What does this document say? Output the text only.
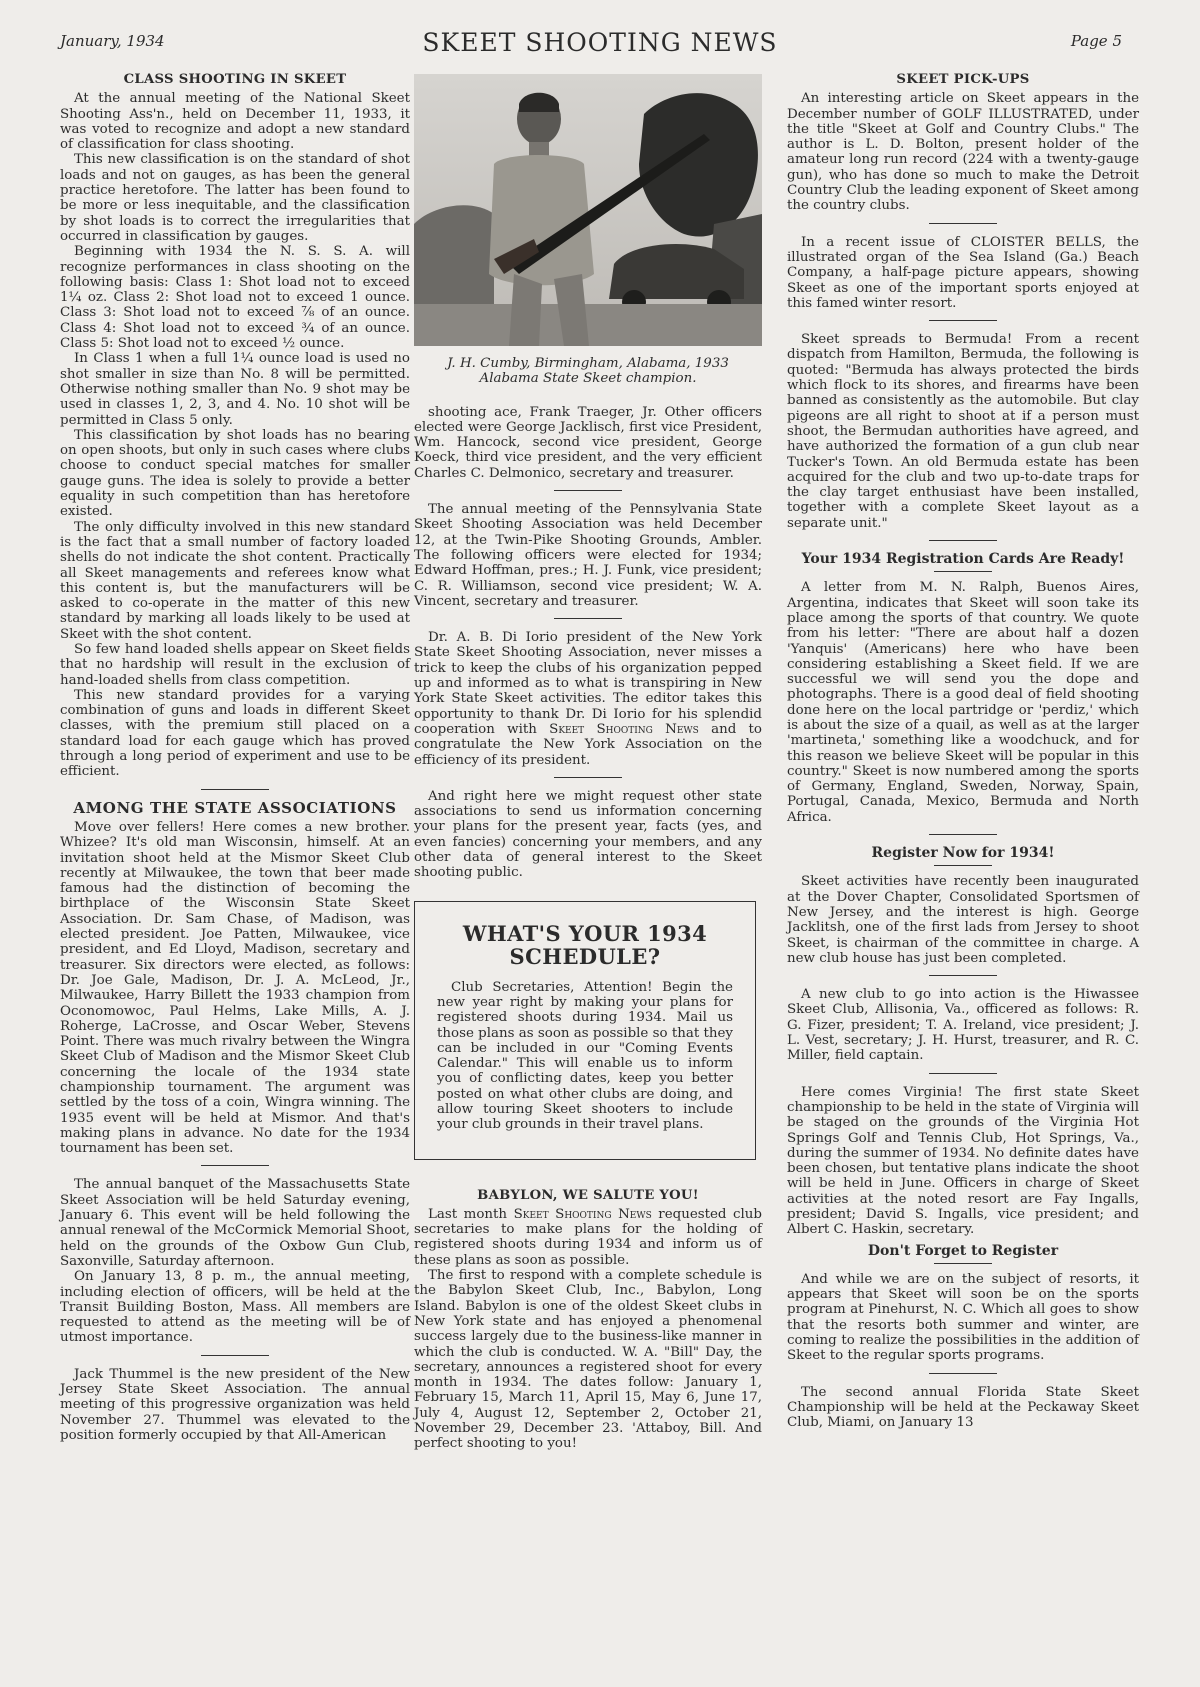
January, 1934	SKEET SHOOTING NEWS	Page 5
CLASS SHOOTING IN SKEET

At the annual meeting of the National Skeet Shooting Ass'n., held on December 11, 1933, it was voted to recognize and adopt a new standard of classification for class shooting.

This new classification is on the standard of shot loads and not on gauges, as has been the general practice heretofore. The latter has been found to be more or less inequitable, and the classification by shot loads is to correct the irregularities that occurred in classification by gauges.

Beginning with 1934 the N. S. S. A. will recognize performances in class shooting on the following basis: Class 1: Shot load not to exceed 1¼ oz. Class 2: Shot load not to exceed 1 ounce. Class 3: Shot load not to exceed ⅞ of an ounce. Class 4: Shot load not to exceed ¾ of an ounce. Class 5: Shot load not to exceed ½ ounce.

In Class 1 when a full 1¼ ounce load is used no shot smaller in size than No. 8 will be permitted. Otherwise nothing smaller than No. 9 shot may be used in classes 1, 2, 3, and 4. No. 10 shot will be permitted in Class 5 only.

This classification by shot loads has no bearing on open shoots, but only in such cases where clubs choose to conduct special matches for smaller gauge guns. The idea is solely to provide a better equality in such competition than has heretofore existed.

The only difficulty involved in this new standard is the fact that a small number of factory loaded shells do not indicate the shot content. Practically all Skeet managements and referees know what this content is, but the manufacturers will be asked to co-operate in the matter of this new standard by marking all loads likely to be used at Skeet with the shot content.

So few hand loaded shells appear on Skeet fields that no hardship will result in the exclusion of hand-loaded shells from class competition.

This new standard provides for a varying combination of guns and loads in different Skeet classes, with the premium still placed on a standard load for each gauge which has proved through a long period of experiment and use to be efficient.

AMONG THE STATE ASSOCIATIONS

Move over fellers! Here comes a new brother. Whizee? It's old man Wisconsin, himself. At an invitation shoot held at the Mismor Skeet Club recently at Milwaukee, the town that beer made famous had the distinction of becoming the birthplace of the Wisconsin State Skeet Association. Dr. Sam Chase, of Madison, was elected president. Joe Patten, Milwaukee, vice president, and Ed Lloyd, Madison, secretary and treasurer. Six directors were elected, as follows: Dr. Joe Gale, Madison, Dr. J. A. McLeod, Jr., Milwaukee, Harry Billett the 1933 champion from Oconomowoc, Paul Helms, Lake Mills, A. J. Roherge, LaCrosse, and Oscar Weber, Stevens Point. There was much rivalry between the Wingra Skeet Club of Madison and the Mismor Skeet Club concerning the locale of the 1934 state championship tournament. The argument was settled by the toss of a coin, Wingra winning. The 1935 event will be held at Mismor. And that's making plans in advance. No date for the 1934 tournament has been set.

The annual banquet of the Massachusetts State Skeet Association will be held Saturday evening, January 6. This event will be held following the annual renewal of the McCormick Memorial Shoot, held on the grounds of the Oxbow Gun Club, Saxonville, Saturday afternoon.

On January 13, 8 p. m., the annual meeting, including election of officers, will be held at the Transit Building Boston, Mass. All members are requested to attend as the meeting will be of utmost importance.

Jack Thummel is the new president of the New Jersey State Skeet Association. The annual meeting of this progressive organization was held November 27. Thummel was elevated to the position formerly occupied by that All-American

J. H. Cumby, Birmingham, Alabama, 1933 Alabama State Skeet champion.

shooting ace, Frank Traeger, Jr. Other officers elected were George Jacklisch, first vice President, Wm. Hancock, second vice president, George Koeck, third vice president, and the very efficient Charles C. Delmonico, secretary and treasurer.

The annual meeting of the Pennsylvania State Skeet Shooting Association was held December 12, at the Twin-Pike Shooting Grounds, Ambler. The following officers were elected for 1934; Edward Hoffman, pres.; H. J. Funk, vice president; C. R. Williamson, second vice president; W. A. Vincent, secretary and treasurer.

Dr. A. B. Di Iorio president of the New York State Skeet Shooting Association, never misses a trick to keep the clubs of his organization pepped up and informed as to what is transpiring in New York State Skeet activities. The editor takes this opportunity to thank Dr. Di Iorio for his splendid cooperation with Skeet Shooting News and to congratulate the New York Association on the efficiency of its president.

And right here we might request other state associations to send us information concerning your plans for the present year, facts (yes, and even fancies) concerning your members, and any other data of general interest to the Skeet shooting public.

WHAT'S YOUR 1934 SCHEDULE?

Club Secretaries, Attention! Begin the new year right by making your plans for registered shoots during 1934. Mail us those plans as soon as possible so that they can be included in our "Coming Events Calendar." This will enable us to inform you of conflicting dates, keep you better posted on what other clubs are doing, and allow touring Skeet shooters to include your club grounds in their travel plans.

BABYLON, WE SALUTE YOU!

Last month Skeet Shooting News requested club secretaries to make plans for the holding of registered shoots during 1934 and inform us of these plans as soon as possible.

The first to respond with a complete schedule is the Babylon Skeet Club, Inc., Babylon, Long Island. Babylon is one of the oldest Skeet clubs in New York state and has enjoyed a phenomenal success largely due to the business-like manner in which the club is conducted. W. A. "Bill" Day, the secretary, announces a registered shoot for every month in 1934. The dates follow: January 1, February 15, March 11, April 15, May 6, June 17, July 4, August 12, September 2, October 21, November 29, December 23. 'Attaboy, Bill. And perfect shooting to you!

SKEET PICK-UPS

An interesting article on Skeet appears in the December number of GOLF ILLUSTRATED, under the title "Skeet at Golf and Country Clubs." The author is L. D. Bolton, present holder of the amateur long run record (224 with a twenty-gauge gun), who has done so much to make the Detroit Country Club the leading exponent of Skeet among the country clubs.

In a recent issue of CLOISTER BELLS, the illustrated organ of the Sea Island (Ga.) Beach Company, a half-page picture appears, showing Skeet as one of the important sports enjoyed at this famed winter resort.

Skeet spreads to Bermuda! From a recent dispatch from Hamilton, Bermuda, the following is quoted: "Bermuda has always protected the birds which flock to its shores, and firearms have been banned as consistently as the automobile. But clay pigeons are all right to shoot at if a person must shoot, the Bermudan authorities have agreed, and have authorized the formation of a gun club near Tucker's Town. An old Bermuda estate has been acquired for the club and two up-to-date traps for the clay target enthusiast have been installed, together with a complete Skeet layout as a separate unit."

Your 1934 Registration Cards Are Ready!

A letter from M. N. Ralph, Buenos Aires, Argentina, indicates that Skeet will soon take its place among the sports of that country. We quote from his letter: "There are about half a dozen 'Yanquis' (Americans) here who have been considering establishing a Skeet field. If we are successful we will send you the dope and photographs. There is a good deal of field shooting done here on the local partridge or 'perdiz,' which is about the size of a quail, as well as at the larger 'martineta,' something like a woodchuck, and for this reason we believe Skeet will be popular in this country." Skeet is now numbered among the sports of Germany, England, Sweden, Norway, Spain, Portugal, Canada, Mexico, Bermuda and North Africa.

Register Now for 1934!

Skeet activities have recently been inaugurated at the Dover Chapter, Consolidated Sportsmen of New Jersey, and the interest is high. George Jacklitsh, one of the first lads from Jersey to shoot Skeet, is chairman of the committee in charge. A new club house has just been completed.

A new club to go into action is the Hiwassee Skeet Club, Allisonia, Va., officered as follows: R. G. Fizer, president; T. A. Ireland, vice president; J. L. Vest, secretary; J. H. Hurst, treasurer, and R. C. Miller, field captain.

Here comes Virginia! The first state Skeet championship to be held in the state of Virginia will be staged on the grounds of the Virginia Hot Springs Golf and Tennis Club, Hot Springs, Va., during the summer of 1934. No definite dates have been chosen, but tentative plans indicate the shoot will be held in June. Officers in charge of Skeet activities at the noted resort are Fay Ingalls, president; David S. Ingalls, vice president; and Albert C. Haskin, secretary.

Don't Forget to Register

And while we are on the subject of resorts, it appears that Skeet will soon be on the sports program at Pinehurst, N. C. Which all goes to show that the resorts both summer and winter, are coming to realize the possibilities in the addition of Skeet to the regular sports programs.

The second annual Florida State Skeet Championship will be held at the Peckaway Skeet Club, Miami, on January 13
